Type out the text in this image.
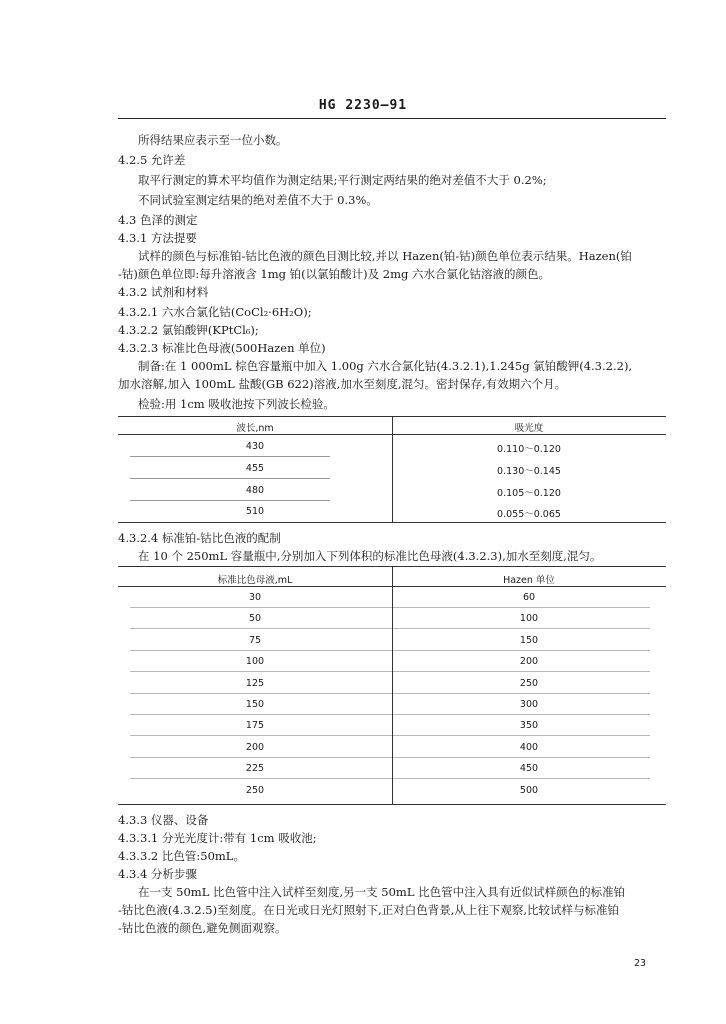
HG 2230—91
所得结果应表示至一位小数。
4.2.5 允许差
取平行测定的算术平均值作为测定结果;平行测定两结果的绝对差值不大于 0.2%;
不同试验室测定结果的绝对差值不大于 0.3%。
4.3 色泽的测定
4.3.1 方法提要
试样的颜色与标准铂-钴比色液的颜色目测比较,并以 Hazen(铂-钴)颜色单位表示结果。Hazen(铂
-钴)颜色单位即:每升溶液含 1mg 铂(以氯铂酸计)及 2mg 六水合氯化钴溶液的颜色。
4.3.2 试剂和材料
4.3.2.1 六水合氯化钴(CoCl₂·6H₂O);
4.3.2.2 氯铂酸钾(KPtCl₆);
4.3.2.3 标准比色母液(500Hazen 单位)
制备:在 1 000mL 棕色容量瓶中加入 1.00g 六水合氯化钴(4.3.2.1),1.245g 氯铂酸钾(4.3.2.2),
加水溶解,加入 100mL 盐酸(GB 622)溶液,加水至刻度,混匀。密封保存,有效期六个月。
检验:用 1cm 吸收池按下列波长检验。
波长,nm	吸光度
430	0.110～0.120
455	0.130～0.145
480	0.105～0.120
510	0.055～0.065
4.3.2.4 标准铂-钴比色液的配制
在 10 个 250mL 容量瓶中,分别加入下列体积的标准比色母液(4.3.2.3),加水至刻度,混匀。
标准比色母液,mL	Hazen 单位
30	60
50	100
75	150
100	200
125	250
150	300
175	350
200	400
225	450
250	500
4.3.3 仪器、设备
4.3.3.1 分光光度计:带有 1cm 吸收池;
4.3.3.2 比色管:50mL。
4.3.4 分析步骤
在一支 50mL 比色管中注入试样至刻度,另一支 50mL 比色管中注入具有近似试样颜色的标准铂
-钴比色液(4.3.2.5)至刻度。在日光或日光灯照射下,正对白色背景,从上往下观察,比较试样与标准铂
-钴比色液的颜色,避免侧面观察。
23
